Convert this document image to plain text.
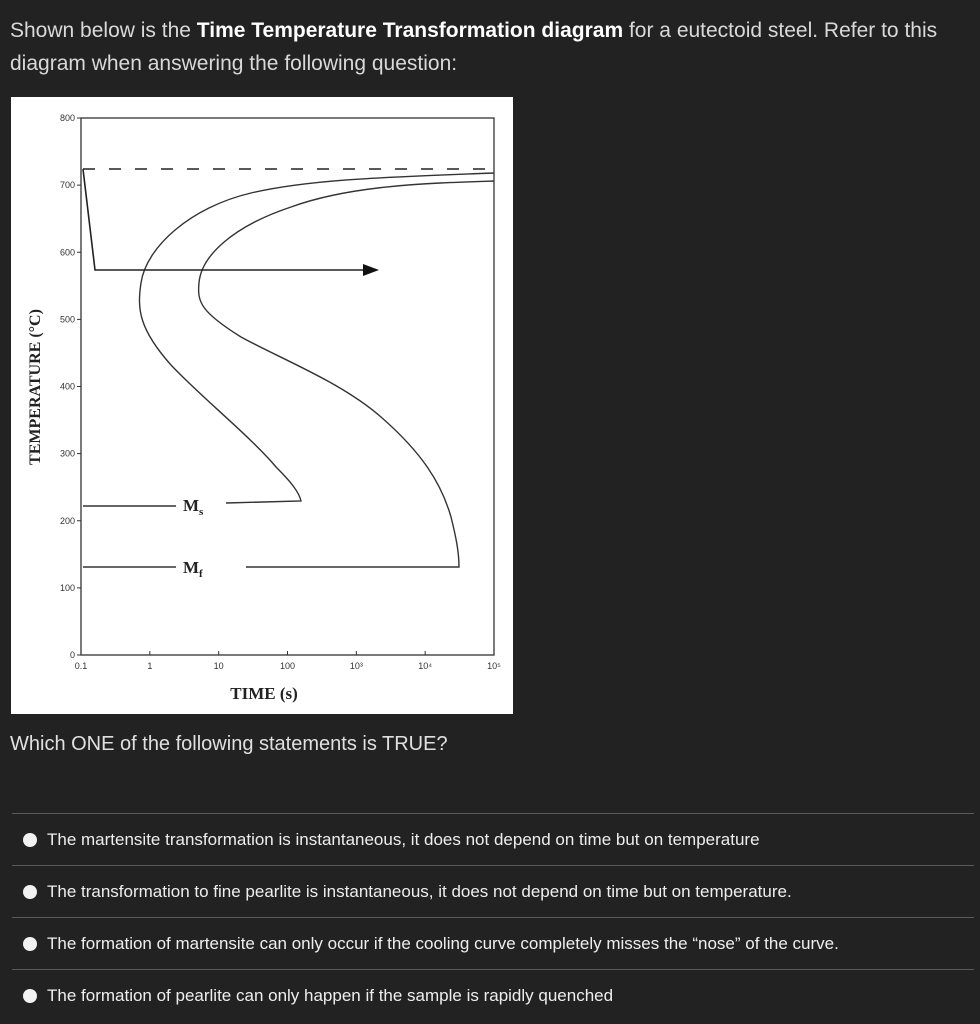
Shown below is the Time Temperature Transformation diagram for a eutectoid steel. Refer to this diagram when answering the following question:
0
100
200
300
400
500
600
700
800
0.1	1	10	100	10³	10⁴	10⁵
$M_s$
$M_f$
TIME (s)
TEMPERATURE (°C)
Which ONE of the following statements is TRUE?
The martensite transformation is instantaneous, it does not depend on time but on temperature
The transformation to fine pearlite is instantaneous, it does not depend on time but on temperature.
The formation of martensite can only occur if the cooling curve completely misses the “nose” of the curve.
The formation of pearlite can only happen if the sample is rapidly quenched
